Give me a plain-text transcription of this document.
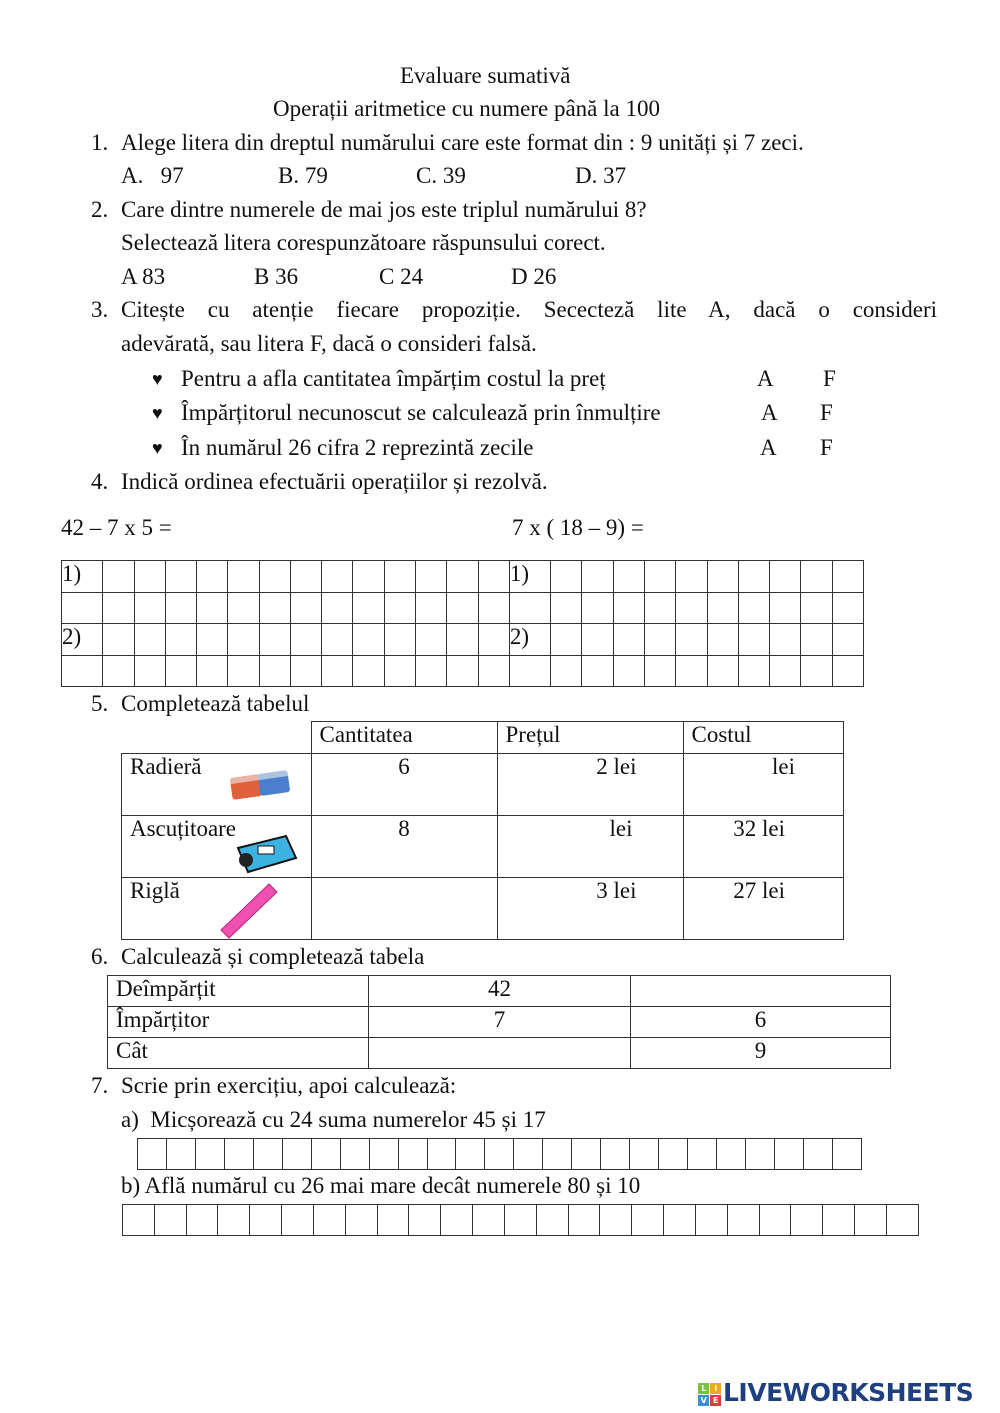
Evaluare sumativă
Operații aritmetice cu numere până la 100
1. Alege litera din dreptul numărului care este format din : 9 unități și 7 zeci.
A.   97	B. 79	C. 39	D. 37
2. Care dintre numerele de mai jos este triplul numărului 8?
Selectează litera corespunzătoare răspunsului corect.
A 83	B 36	C 24	D 26
3. Citește cu atenție fiecare propoziție. Sececteză lite A, dacă o consideri
adevărată, sau litera F, dacă o consideri falsă.
♥ Pentru a afla cantitatea împărțim costul la preț	A F
♥ Împărțitorul necunoscut se calculează prin înmulțire	A F
♥ În numărul 26 cifra 2 reprezintă zecile	A F
4. Indică ordinea efectuării operațiilor și rezolvă.
42 – 7 x 5 =	7 x ( 18 – 9) =
1)														1)										

2)														2)										

5. Completează tabelul
	Cantitatea	Prețul	Costul
Radieră	6	2 lei	lei
Ascuțitoare	8	lei	32 lei
Riglă		3 lei	27 lei
6. Calculează și completează tabela
Deîmpărțit	42	
Împărțitor	7	6
Cât		9
7. Scrie prin exercițiu, apoi calculează:
a)  Micșorează cu 24 suma numerelor 45 și 17

b) Află numărul cu 26 mai mare decât numerele 80 și 10

L	I
V E LIVEWORKSHEETS
